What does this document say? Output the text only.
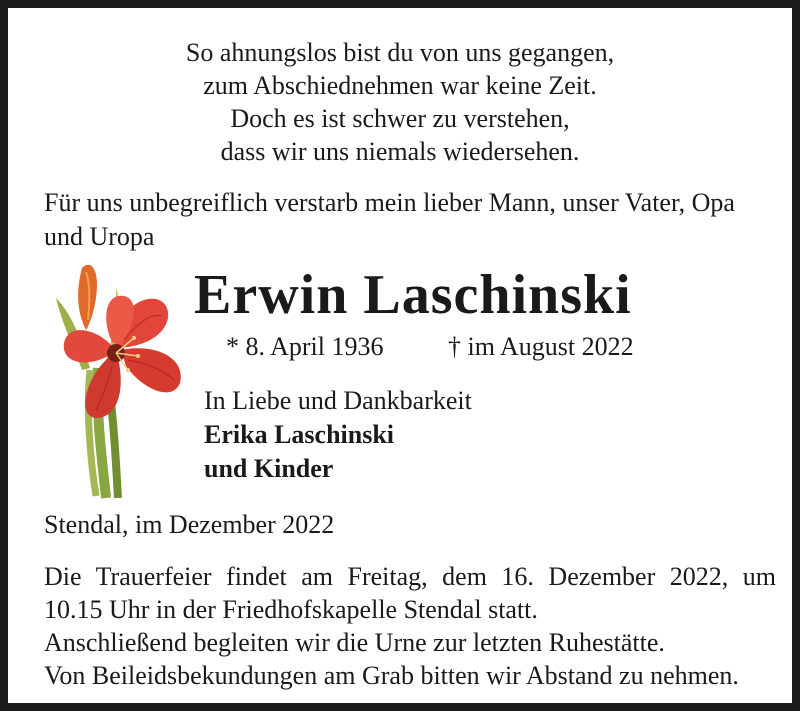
So ahnungslos bist du von uns gegangen,
zum Abschiednehmen war keine Zeit.
Doch es ist schwer zu verstehen,
dass wir uns niemals wiedersehen.
Für uns unbegreiflich verstarb mein lieber Mann, unser Vater, Opa
und Uropa
Erwin Laschinski
* 8. April 1936 † im August 2022
In Liebe und Dankbarkeit
Erika Laschinski
und Kinder
Stendal, im Dezember 2022
Die Trauerfeier findet am Freitag, dem 16. Dezember 2022, um
10.15 Uhr in der Friedhofskapelle Stendal statt.
Anschließend begleiten wir die Urne zur letzten Ruhestätte.
Von Beileidsbekundungen am Grab bitten wir Abstand zu nehmen.
